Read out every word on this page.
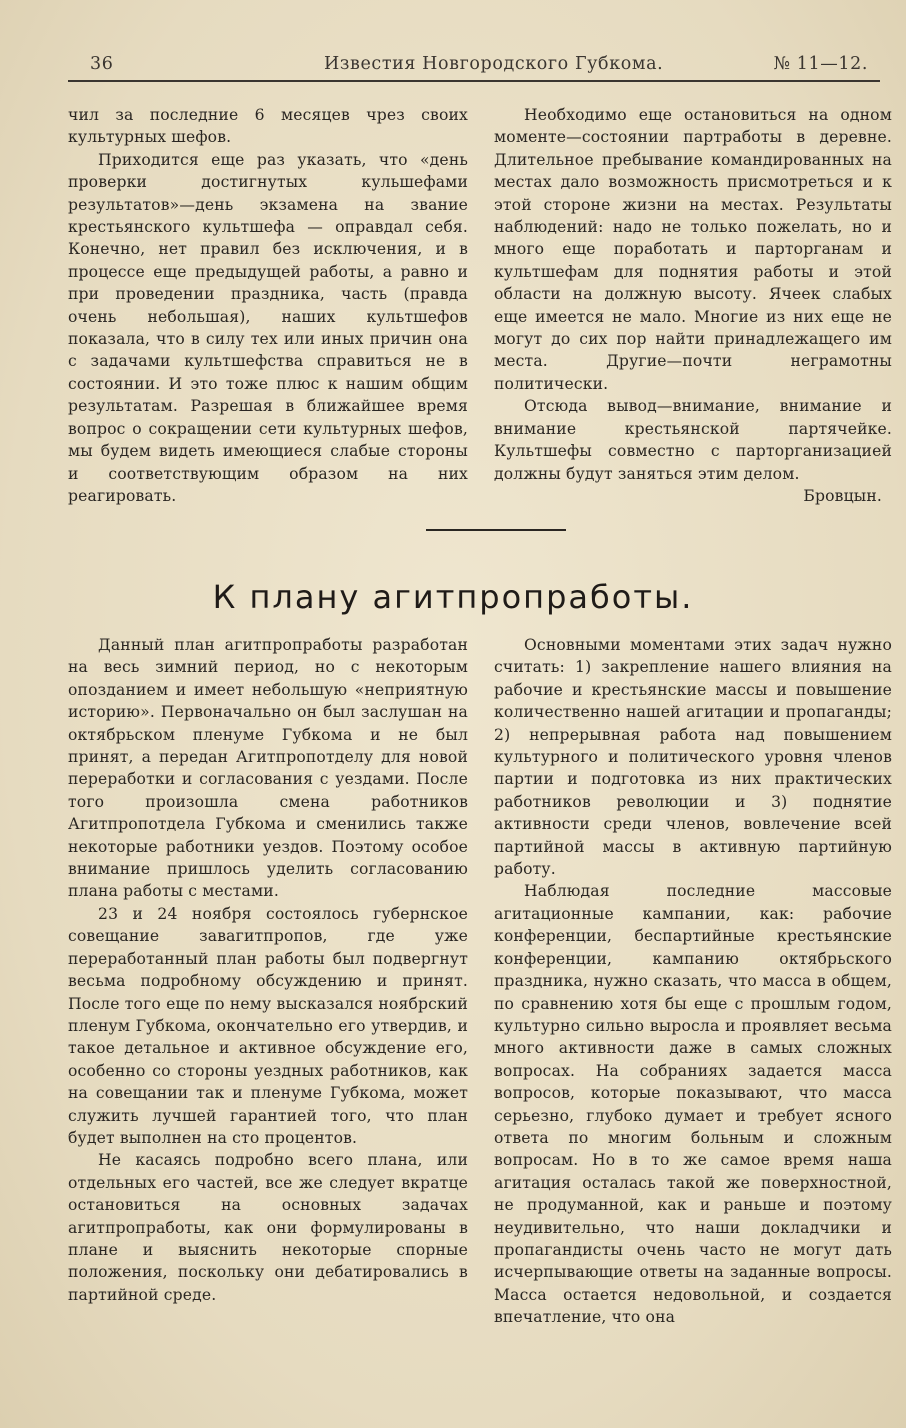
36	Известия Новгородского Губкома.	№ 11—12.

чил за последние 6 месяцев чрез своих культурных шефов.

Приходится еще раз указать, что «день проверки достигнутых кульшефами результатов»—день экзамена на звание крестьянского культшефа — оправдал себя. Конечно, нет правил без исключения, и в процессе еще предыдущей работы, а равно и при проведении праздника, часть (правда очень небольшая), наших культшефов показала, что в силу тех или иных причин она с задачами культшефства справиться не в состоянии. И это тоже плюс к нашим общим результатам. Разрешая в ближайшее время вопрос о сокращении сети культурных шефов, мы будем видеть имеющиеся слабые стороны и соответствующим образом на них реагировать.

Необходимо еще остановиться на одном моменте—состоянии партработы в деревне. Длительное пребывание командированных на местах дало возможность присмотреться и к этой стороне жизни на местах. Результаты наблюдений: надо не только пожелать, но и много еще поработать и парторганам и культшефам для поднятия работы и этой области на должную высоту. Ячеек слабых еще имеется не мало. Многие из них еще не могут до сих пор найти принадлежащего им места. Другие—почти неграмотны политически.

Отсюда вывод—внимание, внимание и внимание крестьянской партячейке. Культшефы совместно с парторганизацией должны будут заняться этим делом.

Бровцын.

К плану агитпропработы.

Данный план агитпропработы разработан на весь зимний период, но с некоторым опозданием и имеет небольшую «неприятную историю». Первоначально он был заслушан на октябрьском пленуме Губкома и не был принят, а передан Агитпропотделу для новой переработки и согласования с уездами. После того произошла смена работников Агитпропотдела Губкома и сменились также некоторые работники уездов. Поэтому особое внимание пришлось уделить согласованию плана работы с местами.

23 и 24 ноября состоялось губернское совещание завагитпропов, где уже переработанный план работы был подвергнут весьма подробному обсуждению и принят. После того еще по нему высказался ноябрский пленум Губкома, окончательно его утвердив, и такое детальное и активное обсуждение его, особенно со стороны уездных работников, как на совещании так и пленуме Губкома, может служить лучшей гарантией того, что план будет выполнен на сто процентов.

Не касаясь подробно всего плана, или отдельных его частей, все же следует вкратце остановиться на основных задачах агитпропработы, как они формулированы в плане и выяснить некоторые спорные положения, поскольку они дебатировались в партийной среде.

Основными моментами этих задач нужно считать: 1) закрепление нашего влияния на рабочие и крестьянские массы и повышение количественно нашей агитации и пропаганды; 2) непрерывная работа над повышением культурного и политического уровня членов партии и подготовка из них практических работников революции и 3) поднятие активности среди членов, вовлечение всей партийной массы в активную партийную работу.

Наблюдая последние массовые агитационные кампании, как: рабочие конференции, беспартийные крестьянские конференции, кампанию октябрьского праздника, нужно сказать, что масса в общем, по сравнению хотя бы еще с прошлым годом, культурно сильно выросла и проявляет весьма много активности даже в самых сложных вопросах. На собраниях задается масса вопросов, которые показывают, что масса серьезно, глубоко думает и требует ясного ответа по многим больным и сложным вопросам. Но в то же самое время наша агитация осталась такой же поверхностной, не продуманной, как и раньше и поэтому неудивительно, что наши докладчики и пропагандисты очень часто не могут дать исчерпывающие ответы на заданные вопросы. Масса остается недовольной, и создается впечатление, что она
